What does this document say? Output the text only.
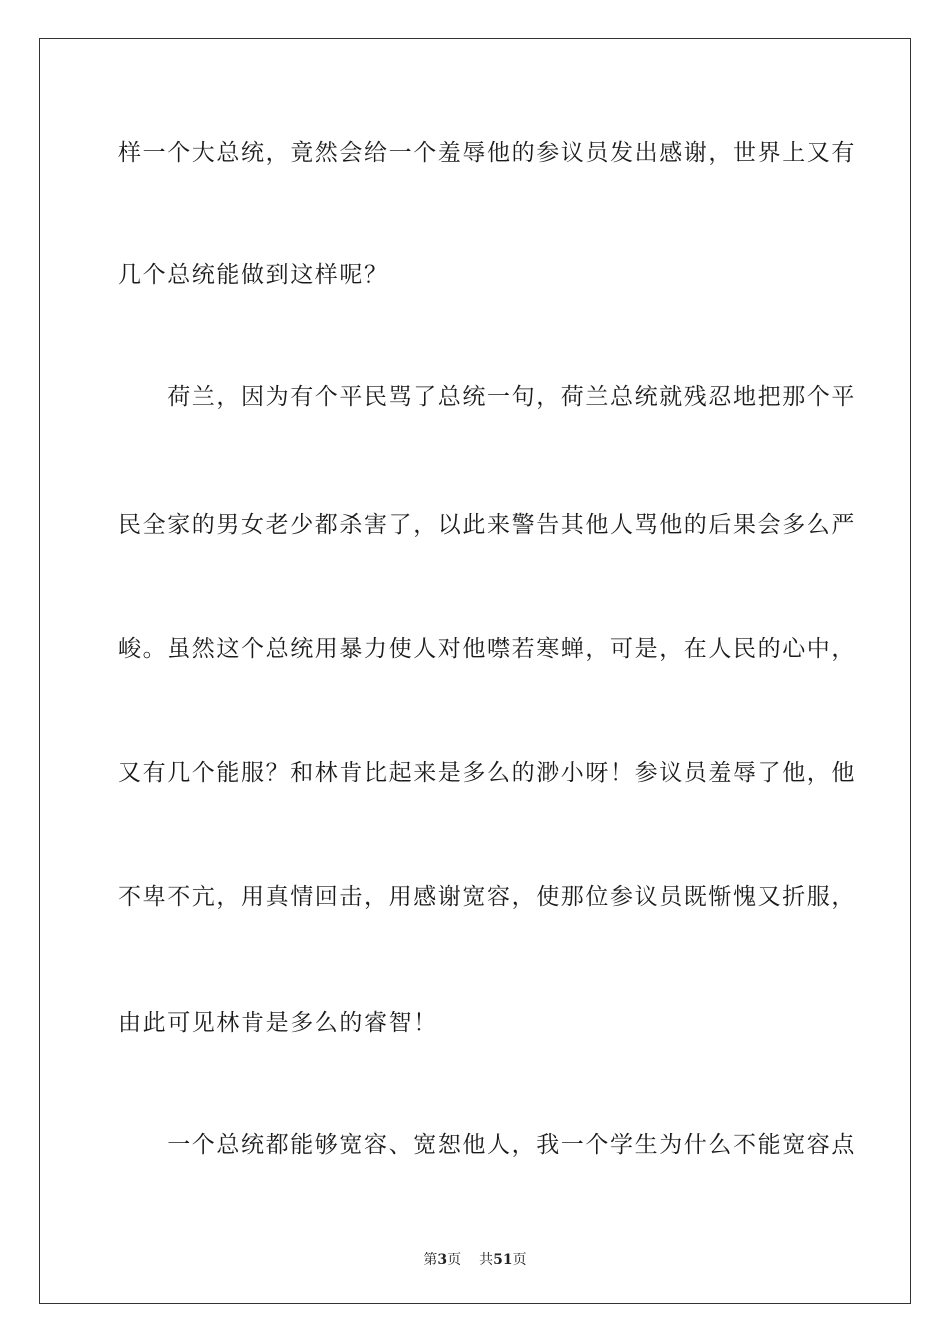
样一个大总统，竟然会给一个羞辱他的参议员发出感谢，世界上又有
几个总统能做到这样呢？
　　荷兰，因为有个平民骂了总统一句，荷兰总统就残忍地把那个平
民全家的男女老少都杀害了，以此来警告其他人骂他的后果会多么严
峻。虽然这个总统用暴力使人对他噤若寒蝉，可是，在人民的心中，
又有几个能服？和林肯比起来是多么的渺小呀！参议员羞辱了他，他
不卑不亢，用真情回击，用感谢宽容，使那位参议员既惭愧又折服，
由此可见林肯是多么的睿智！
　　一个总统都能够宽容、宽恕他人，我一个学生为什么不能宽容点
第3页 共51页
